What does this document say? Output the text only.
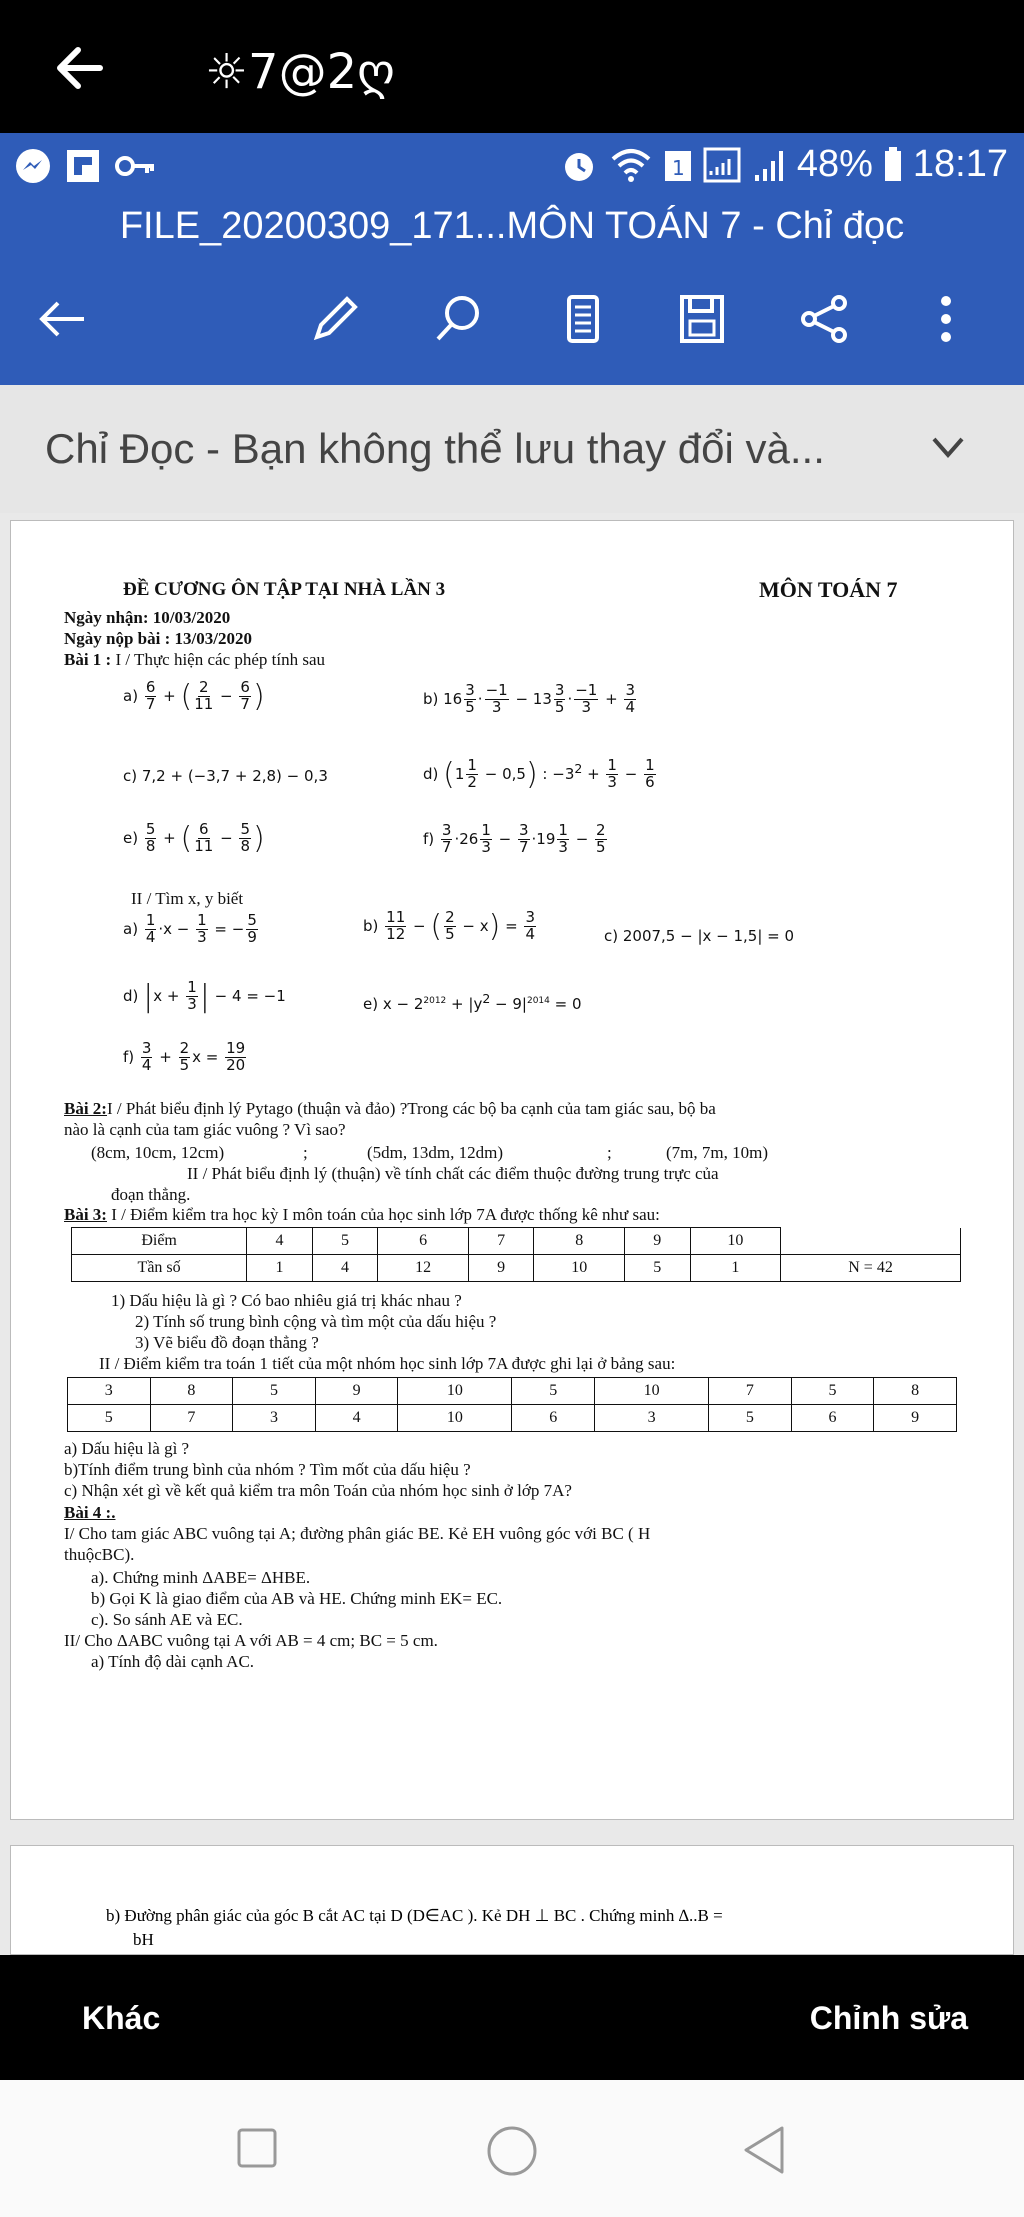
☼7@2ღ
1	48% 18:17
FILE_20200309_171...MÔN TOÁN 7 - Chỉ đọc
Chỉ Đọc - Bạn không thể lưu thay đổi và...
ĐỀ CƯƠNG ÔN TẬP TẠI NHÀ LẦN 3	MÔN TOÁN 7
Ngày nhận: 10/03/2020
Ngày nộp bài : 13/03/2020
Bài 1 : I / Thực hiện các phép tính sau
$a) \frac{6}{7}$ + ( $\frac{2}{11} - \frac{6}{7}$ )	b) $16 \frac{3}{5} \cdot \frac{-1}{3} - 13 \frac{3}{5} \cdot \frac{-1}{3} + \frac{3}{4}$
c) 7,2 + (−3,7 + 2,8) − 0,3	d) $(1 \frac{1}{2} - 0,5)$ : $-3^2 + \frac{1}{3} - \frac{1}{6}$
$e) \frac{5}{8}$ + ( $\frac{6}{11} - \frac{5}{8}$ )	$f) \frac{3}{7} \cdot 26 \frac{1}{3} - \frac{3}{7} \cdot 19 \frac{1}{3} - \frac{2}{5}$
II / Tìm x, y biết
$a) \frac{1}{4} \cdot x - \frac{1}{3}$ = − $\frac{5}{9}$	$b) \frac{11}{12}$ − ( $\frac{2}{5} - x) = \frac{3}{4}$	c) 2007,5 − |x − 1,5| = 0
d) $|x + \frac{1}{3}$ | − 4 = −1	e) $x - 2^{2012} + |y^2 - 9|^{2014} = 0$
$f) \frac{3}{4} + \frac{2}{5}$ $x = \frac{19}{20}$
Bài 2:I / Phát biểu định lý Pytago (thuận và đảo) ?Trong các bộ ba cạnh của tam giác sau, bộ ba
nào là cạnh của tam giác vuông ? Vì sao?
(8cm, 10cm, 12cm)	;	(5dm, 13dm, 12dm)	;	(7m, 7m, 10m)
II / Phát biểu định lý (thuận) về tính chất các điểm thuộc đường trung trực của
đoạn thẳng.
Bài 3: I / Điểm kiểm tra học kỳ I môn toán của học sinh lớp 7A được thống kê như sau:
Điểm	4	5	6	7	8	9	10	
Tần số	1	4	12	9	10	5	1	N = 42
1) Dấu hiệu là gì ? Có bao nhiêu giá trị khác nhau ?
2) Tính số trung bình cộng và tìm một của dấu hiệu ?
3) Vẽ biểu đồ đoạn thẳng ?
II / Điểm kiểm tra toán 1 tiết của một nhóm học sinh lớp 7A được ghi lại ở bảng sau:
3	8	5	9	10	5	10	7	5	8
5	7	3	4	10	6	3	5	6	9
a) Dấu hiệu là gì ?
b)Tính điểm trung bình của nhóm ? Tìm mốt của dấu hiệu ?
c) Nhận xét gì về kết quả kiểm tra môn Toán của nhóm học sinh ở lớp 7A?
Bài 4 :.
I/ Cho tam giác ABC vuông tại A; đường phân giác BE. Kẻ EH vuông góc với BC ( H
thuộcBC).
a). Chứng minh ΔABE= ΔHBE.
b) Gọi K là giao điểm của AB và HE. Chứng minh EK= EC.
c). So sánh AE và EC.
II/ Cho ΔABC vuông tại A với AB = 4 cm; BC = 5 cm.
a) Tính độ dài cạnh AC.
b) Đường phân giác của góc B cắt AC tại D (D∈AC ). Kẻ DH ⊥ BC . Chứng minh ∆..B =
bH
Khác	Chỉnh sửa
